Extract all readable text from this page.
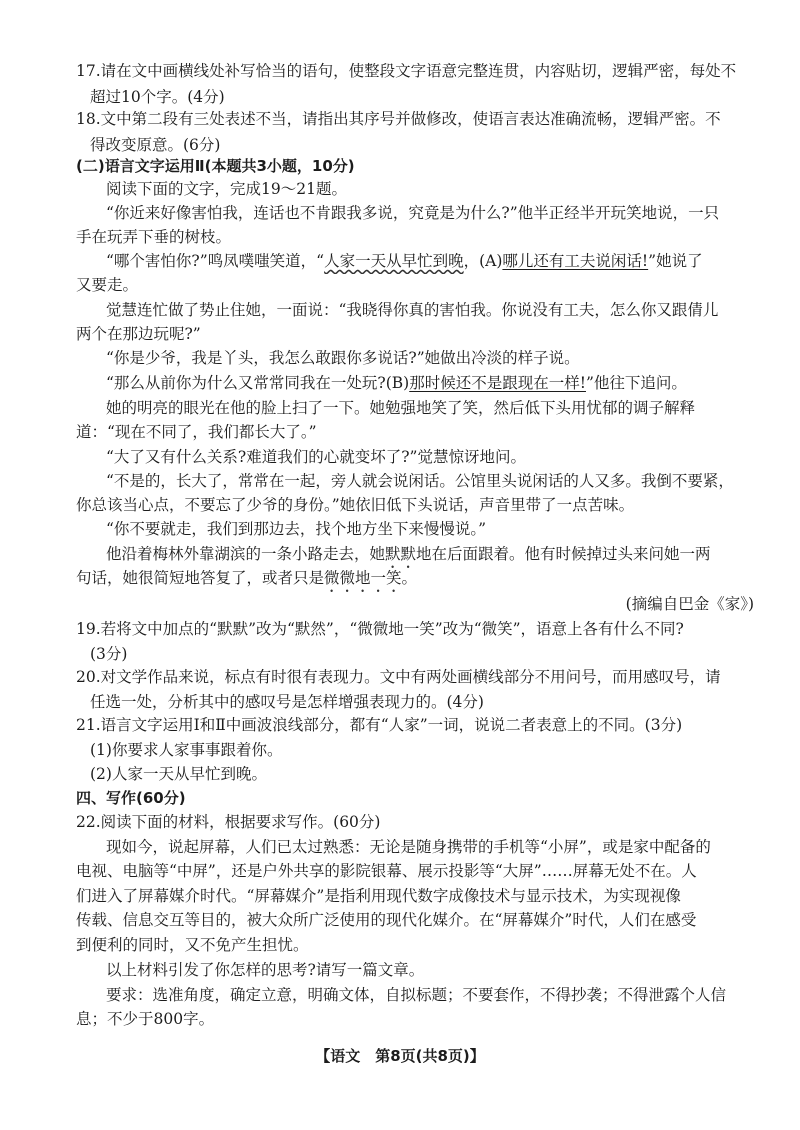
17.请在文中画横线处补写恰当的语句，使整段文字语意完整连贯，内容贴切，逻辑严密，每处不
超过10个字。(4分)
18.文中第二段有三处表述不当，请指出其序号并做修改，使语言表达准确流畅，逻辑严密。不
得改变原意。(6分)
(二)语言文字运用Ⅱ(本题共3小题，10分)
阅读下面的文字，完成19～21题。
“你近来好像害怕我，连话也不肯跟我多说，究竟是为什么?”他半正经半开玩笑地说，一只
手在玩弄下垂的树枝。
“哪个害怕你?”鸣凤噗嗤笑道，“人家一天从早忙到晚，(A)哪儿还有工夫说闲话!”她说了
又要走。
觉慧连忙做了势止住她，一面说：“我晓得你真的害怕我。你说没有工夫，怎么你又跟倩儿
两个在那边玩呢?”
“你是少爷，我是丫头，我怎么敢跟你多说话?”她做出冷淡的样子说。
“那么从前你为什么又常常同我在一处玩?(B)那时候还不是跟现在一样!”他往下追问。
她的明亮的眼光在他的脸上扫了一下。她勉强地笑了笑，然后低下头用忧郁的调子解释
道：“现在不同了，我们都长大了。”
“大了又有什么关系?难道我们的心就变坏了?”觉慧惊讶地问。
“不是的，长大了，常常在一起，旁人就会说闲话。公馆里头说闲话的人又多。我倒不要紧，
你总该当心点，不要忘了少爷的身份。”她依旧低下头说话，声音里带了一点苦味。
“你不要就走，我们到那边去，找个地方坐下来慢慢说。”
他沿着梅林外靠湖滨的一条小路走去，她默默地在后面跟着。他有时候掉过头来问她一两
句话，她很简短地答复了，或者只是微微地一笑。
(摘编自巴金《家》)
19.若将文中加点的“默默”改为“默然”，“微微地一笑”改为“微笑”，语意上各有什么不同?
(3分)
20.对文学作品来说，标点有时很有表现力。文中有两处画横线部分不用问号，而用感叹号，请
任选一处，分析其中的感叹号是怎样增强表现力的。(4分)
21.语言文字运用Ⅰ和Ⅱ中画波浪线部分，都有“人家”一词，说说二者表意上的不同。(3分)
(1)你要求人家事事跟着你。
(2)人家一天从早忙到晚。
四、写作(60分)
22.阅读下面的材料，根据要求写作。(60分)
现如今，说起屏幕，人们已太过熟悉：无论是随身携带的手机等“小屏”，或是家中配备的
电视、电脑等“中屏”，还是户外共享的影院银幕、展示投影等“大屏”……屏幕无处不在。人
们进入了屏幕媒介时代。“屏幕媒介”是指利用现代数字成像技术与显示技术，为实现视像
传载、信息交互等目的，被大众所广泛使用的现代化媒介。在“屏幕媒介”时代，人们在感受
到便利的同时，又不免产生担忧。
以上材料引发了你怎样的思考?请写一篇文章。
要求：选准角度，确定立意，明确文体，自拟标题；不要套作，不得抄袭；不得泄露个人信
息；不少于800字。
【语文　第8页(共8页)】
